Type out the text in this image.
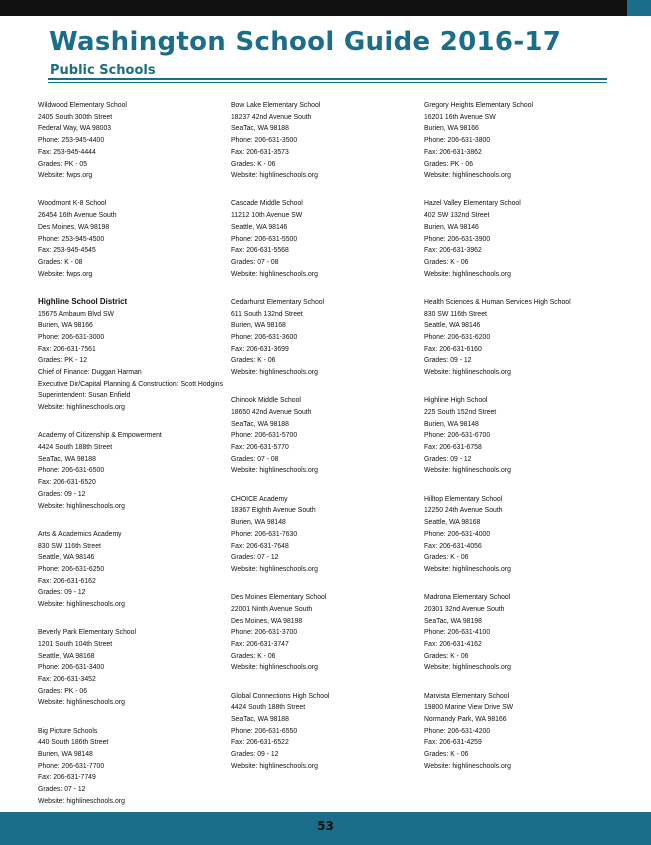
Washington School Guide 2016-17
Public Schools
Wildwood Elementary School
2405 South 300th Street
Federal Way, WA 98003
Phone: 253-945-4400
Fax: 253-945-4444
Grades: PK - 05
Website: fwps.org
Woodmont K-8 School
26454 16th Avenue South
Des Moines, WA 98198
Phone: 253-945-4500
Fax: 253-945-4545
Grades: K - 08
Website: fwps.org
Highline School District
15675 Ambaum Blvd SW
Burien, WA 98166
Phone: 206-631-3000
Fax: 206-631-7561
Grades: PK - 12
Chief of Finance: Duggan Harman
Executive Dir/Capital Planning & Construction: Scott Hodgins
Superintendent: Susan Enfield
Website: highlineschools.org
Academy of Citizenship & Empowerment
4424 South 188th Street
SeaTac, WA 98188
Phone: 206-631-6500
Fax: 206-631-6520
Grades: 09 - 12
Website: highlineschools.org
Arts & Academics Academy
830 SW 116th Street
Seattle, WA 98146
Phone: 206-631-6250
Fax: 206-631-6162
Grades: 09 - 12
Website: highlineschools.org
Beverly Park Elementary School
1201 South 104th Street
Seattle, WA 98168
Phone: 206-631-3400
Fax: 206-631-3452
Grades: PK - 06
Website: highlineschools.org
Big Picture Schools
440 South 186th Street
Burien, WA 98148
Phone: 206-631-7700
Fax: 206-631-7749
Grades: 07 - 12
Website: highlineschools.org
Bow Lake Elementary School
18237 42nd Avenue South
SeaTac, WA 98188
Phone: 206-631-3500
Fax: 206-631-3573
Grades: K - 06
Website: highlineschools.org
Cascade Middle School
11212 10th Avenue SW
Seattle, WA 98146
Phone: 206-631-5500
Fax: 206-631-5568
Grades: 07 - 08
Website: highlineschools.org
Cedarhurst Elementary School
611 South 132nd Street
Burien, WA 98168
Phone: 206-631-3600
Fax: 206-631-3699
Grades: K - 06
Website: highlineschools.org
Chinook Middle School
18650 42nd Avenue South
SeaTac, WA 98188
Phone: 206-631-5700
Fax: 206-631-5770
Grades: 07 - 08
Website: highlineschools.org
CHOICE Academy
18367 Eighth Avenue South
Burien, WA 98148
Phone: 206-631-7630
Fax: 206-631-7648
Grades: 07 - 12
Website: highlineschools.org
Des Moines Elementary School
22001 Ninth Avenue South
Des Moines, WA 98198
Phone: 206-631-3700
Fax: 206-631-3747
Grades: K - 06
Website: highlineschools.org
Global Connections High School
4424 South 188th Street
SeaTac, WA 98188
Phone: 206-631-6550
Fax: 206-631-6522
Grades: 09 - 12
Website: highlineschools.org
Gregory Heights Elementary School
16201 16th Avenue SW
Burien, WA 98166
Phone: 206-631-3800
Fax: 206-631-3862
Grades: PK - 06
Website: highlineschools.org
Hazel Valley Elementary School
402 SW 132nd Street
Burien, WA 98146
Phone: 206-631-3900
Fax: 206-631-3962
Grades: K - 06
Website: highlineschools.org
Health Sciences & Human Services High School
830 SW 116th Street
Seattle, WA 98146
Phone: 206-631-6200
Fax: 206-631-6160
Grades: 09 - 12
Website: highlineschools.org
Highline High School
225 South 152nd Street
Burien, WA 98148
Phone: 206-631-6700
Fax: 206-631-6758
Grades: 09 - 12
Website: highlineschools.org
Hilltop Elementary School
12250 24th Avenue South
Seattle, WA 98168
Phone: 206-631-4000
Fax: 206-631-4056
Grades: K - 06
Website: highlineschools.org
Madrona Elementary School
20301 32nd Avenue South
SeaTac, WA 98198
Phone: 206-631-4100
Fax: 206-631-4162
Grades: K - 06
Website: highlineschools.org
Marvista Elementary School
19800 Marine View Drive SW
Normandy Park, WA 98166
Phone: 206-631-4200
Fax: 206-631-4259
Grades: K - 06
Website: highlineschools.org

53
